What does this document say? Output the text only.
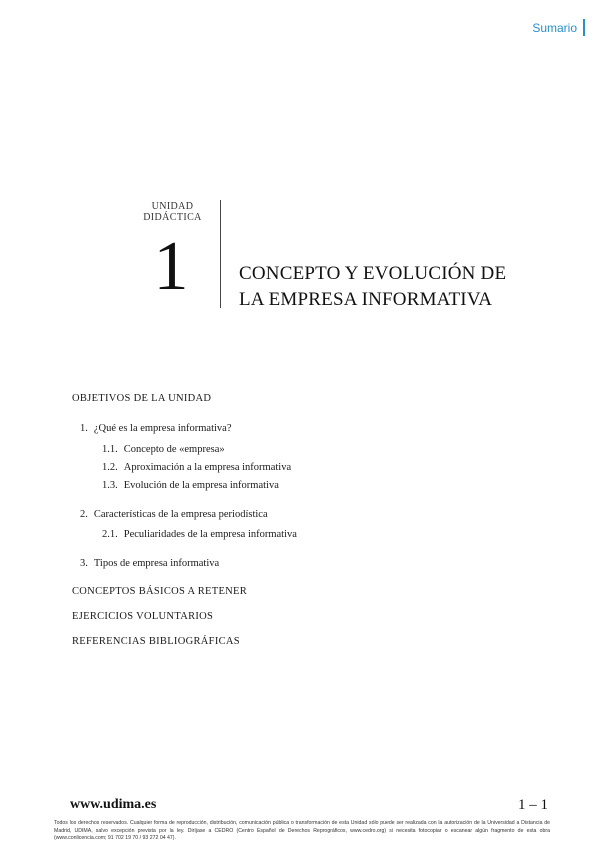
Sumario
UNIDAD
DIDÁCTICA
1	CONCEPTO Y EVOLUCIÓN DE
LA EMPRESA INFORMATIVA
OBJETIVOS DE LA UNIDAD
1. ¿Qué es la empresa informativa?
1.1. Concepto de «empresa»
1.2. Aproximación a la empresa informativa
1.3. Evolución de la empresa informativa
2. Características de la empresa periodística
2.1. Peculiaridades de la empresa informativa
3. Tipos de empresa informativa
CONCEPTOS BÁSICOS A RETENER
EJERCICIOS VOLUNTARIOS
REFERENCIAS BIBLIOGRÁFICAS
www.udima.es	1 – 1
Todos los derechos reservados. Cualquier forma de reproducción, distribución, comunicación pública o transformación de esta Unidad sólo puede ser realizada con la autorización de la Universidad a Distancia de Madrid, UDIMA, salvo excepción prevista por la ley. Diríjase a CEDRO (Centro Español de Derechos Reprográficos, www.cedro.org) si necesita fotocopiar o escanear algún fragmento de esta obra (www.conlicencia.com; 91 702 19 70 / 93 272 04 47).
